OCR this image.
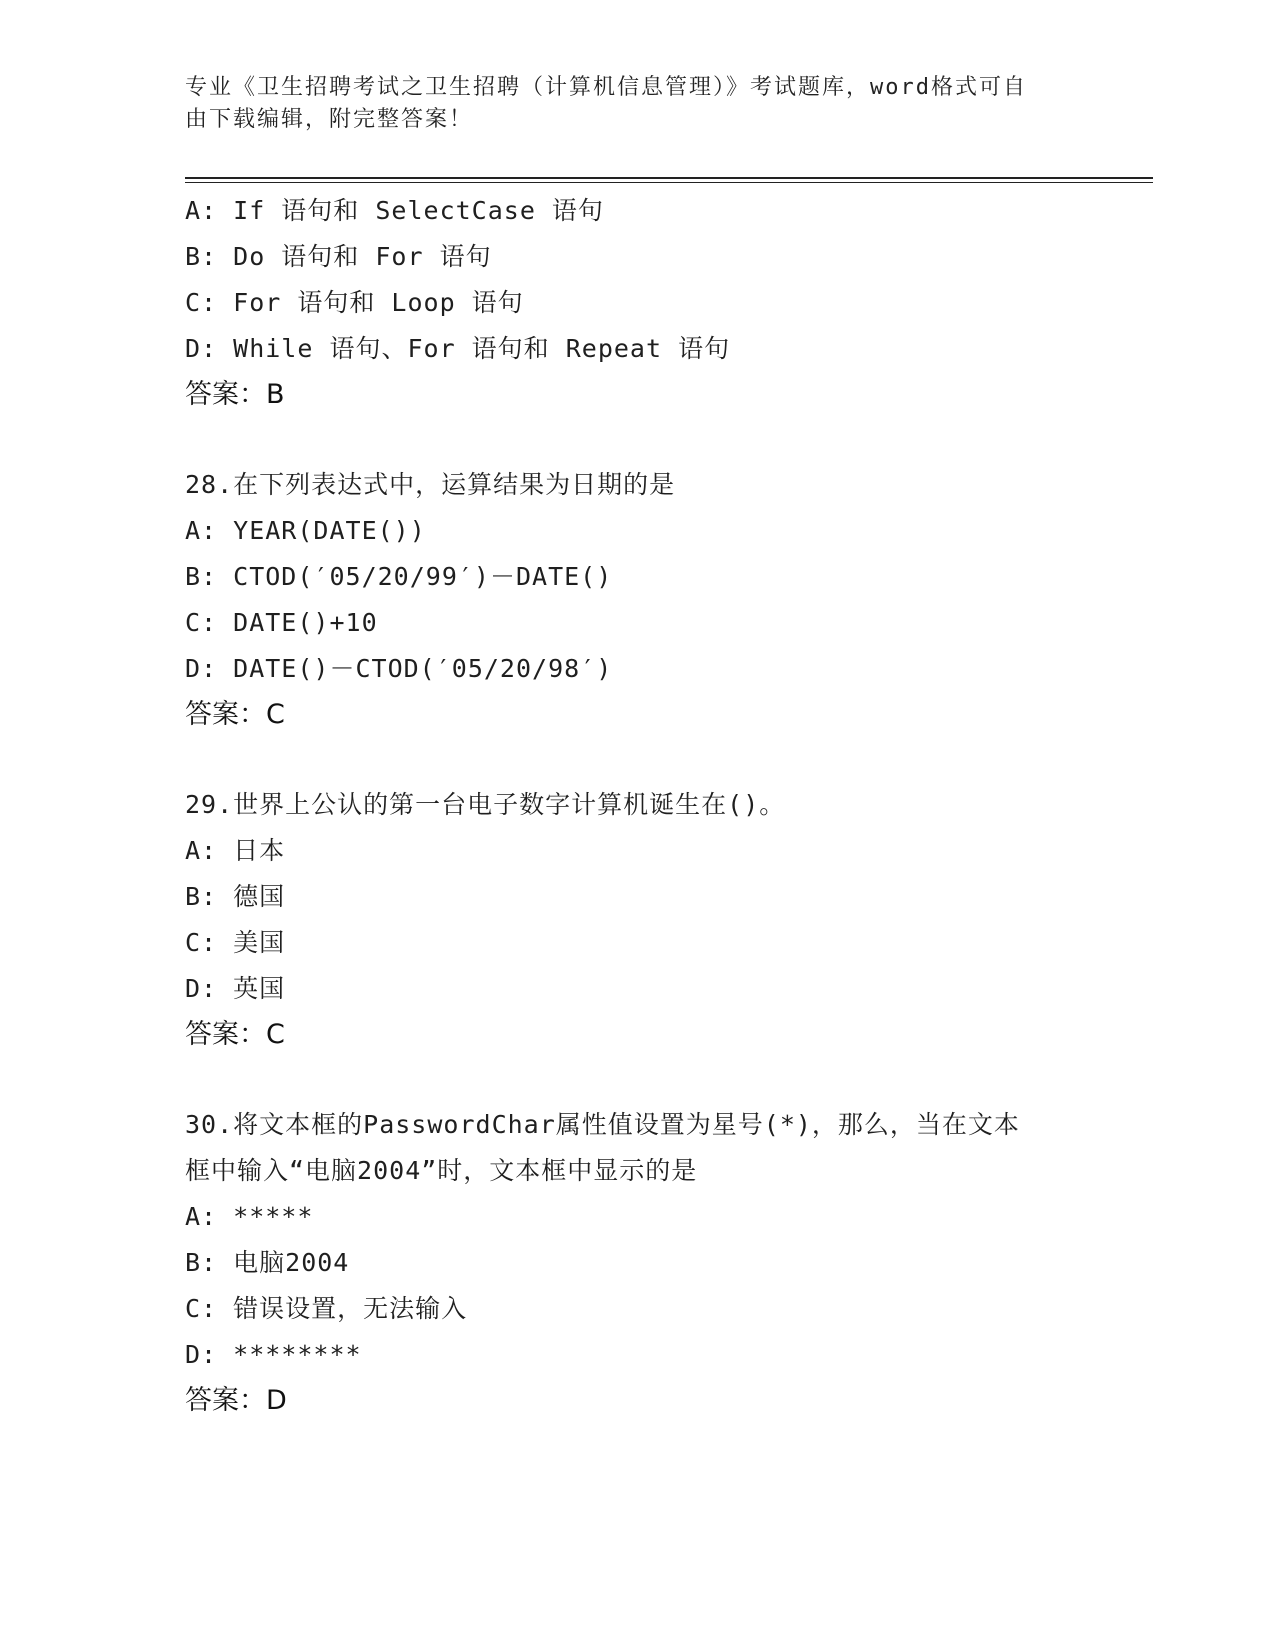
专业《卫生招聘考试之卫生招聘（计算机信息管理）》考试题库，word格式可自
由下载编辑，附完整答案！
A: If 语句和 SelectCase 语句
B: Do 语句和 For 语句
C: For 语句和 Loop 语句
D: While 语句、For 语句和 Repeat 语句
答案：B
28.在下列表达式中，运算结果为日期的是
A: YEAR(DATE())
B: CTOD(′05/20/99′)－DATE()
C: DATE()+10
D: DATE()－CTOD(′05/20/98′)
答案：C
29.世界上公认的第一台电子数字计算机诞生在()。
A: 日本
B: 德国
C: 美国
D: 英国
答案：C
30.将文本框的PasswordChar属性值设置为星号(*)，那么，当在文本
框中输入“电脑2004”时，文本框中显示的是
A: *****
B: 电脑2004
C: 错误设置，无法输入
D: ********
答案：D
